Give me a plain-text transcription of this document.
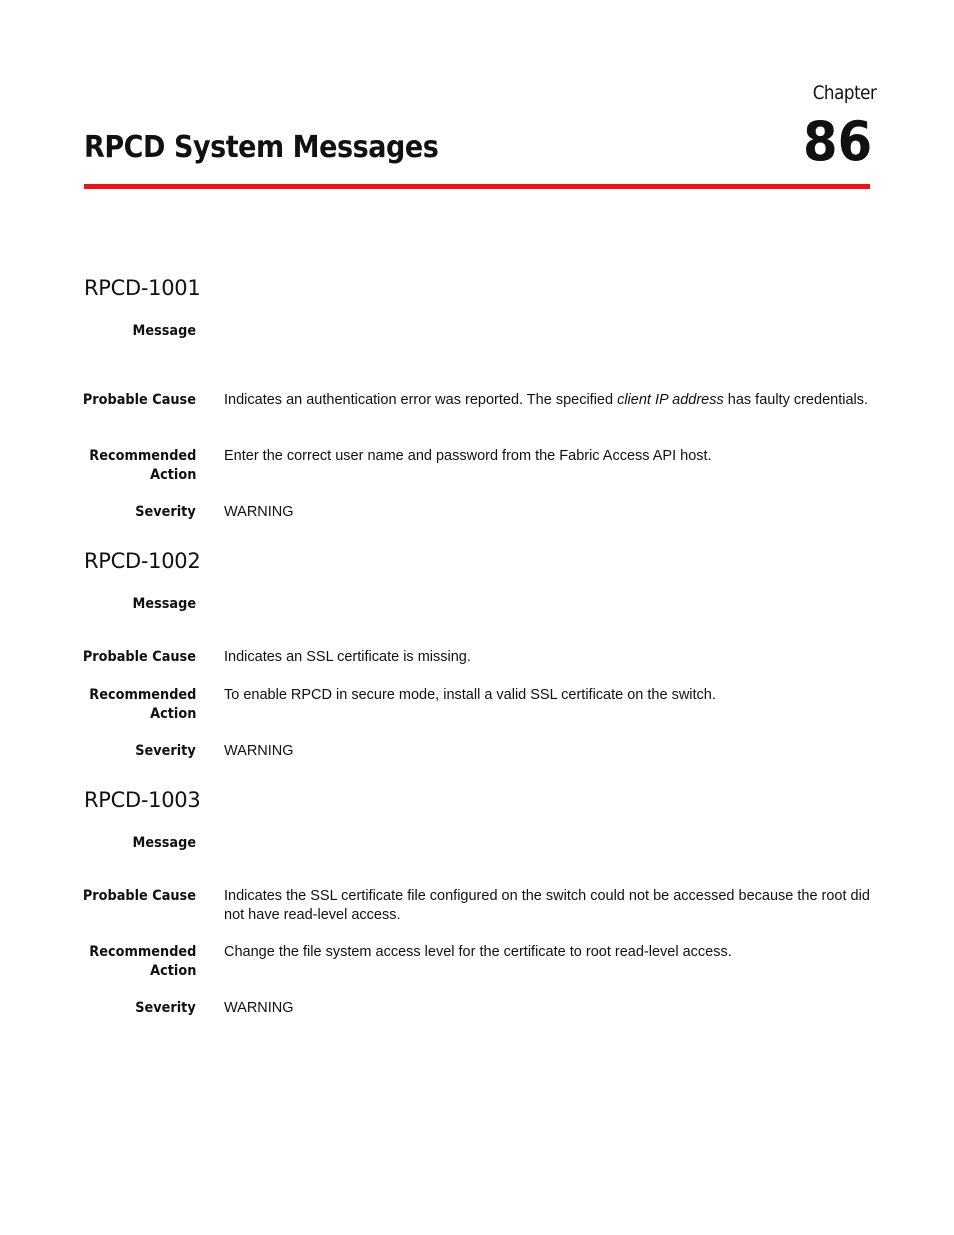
Chapter
86
RPCD System Messages
RPCD-1001
Message
Probable Cause Indicates an authentication error was reported. The specified client IP address has faulty credentials.
Recommended
Action
Enter the correct user name and password from the Fabric Access API host.
Severity WARNING
RPCD-1002
Message
Probable Cause Indicates an SSL certificate is missing.
Recommended
Action
To enable RPCD in secure mode, install a valid SSL certificate on the switch.
Severity WARNING
RPCD-1003
Message
Probable Cause Indicates the SSL certificate file configured on the switch could not be accessed because the root did not have read-level access.
Recommended
Action
Change the file system access level for the certificate to root read-level access.
Severity WARNING
